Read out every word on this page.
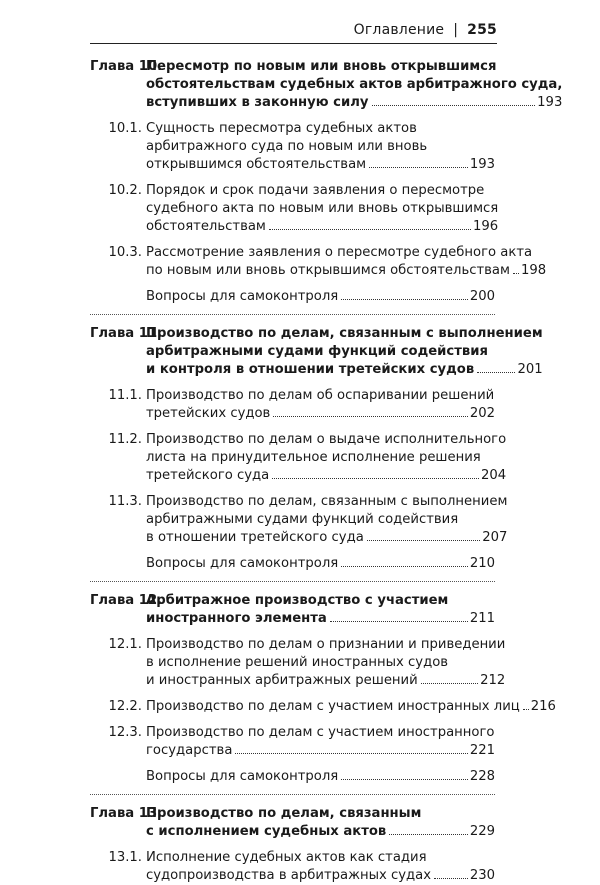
Оглавление | 255
Глава 10.
Пересмотр по новым или вновь открывшимся
обстоятельствам судебных актов арбитражного суда,
вступивших в законную силу	193
10.1. Сущность пересмотра судебных актов
арбитражного суда по новым или вновь
открывшимся обстоятельствам	193
10.2. Порядок и срок подачи заявления о пересмотре
судебного акта по новым или вновь открывшимся
обстоятельствам	196
10.3. Рассмотрение заявления о пересмотре судебного акта
по новым или вновь открывшимся обстоятельствам 198
Вопросы для самоконтроля	200
Глава 11.
Производство по делам, связанным с выполнением
арбитражными судами функций содействия
и контроля в отношении третейских судов	201
11.1. Производство по делам об оспаривании решений
третейских судов	202
11.2. Производство по делам о выдаче исполнительного
листа на принудительное исполнение решения
третейского суда	204
11.3. Производство по делам, связанным с выполнением
арбитражными судами функций содействия
в отношении третейского суда	207
Вопросы для самоконтроля	210
Глава 12.
Арбитражное производство с участием
иностранного элемента	211
12.1. Производство по делам о признании и приведении
в исполнение решений иностранных судов
и иностранных арбитражных решений	212
12.2. Производство по делам с участием иностранных лиц 216
12.3. Производство по делам с участием иностранного
государства	221
Вопросы для самоконтроля	228
Глава 13.
Производство по делам, связанным
с исполнением судебных актов	229
13.1. Исполнение судебных актов как стадия
судопроизводства в арбитражных судах	230
